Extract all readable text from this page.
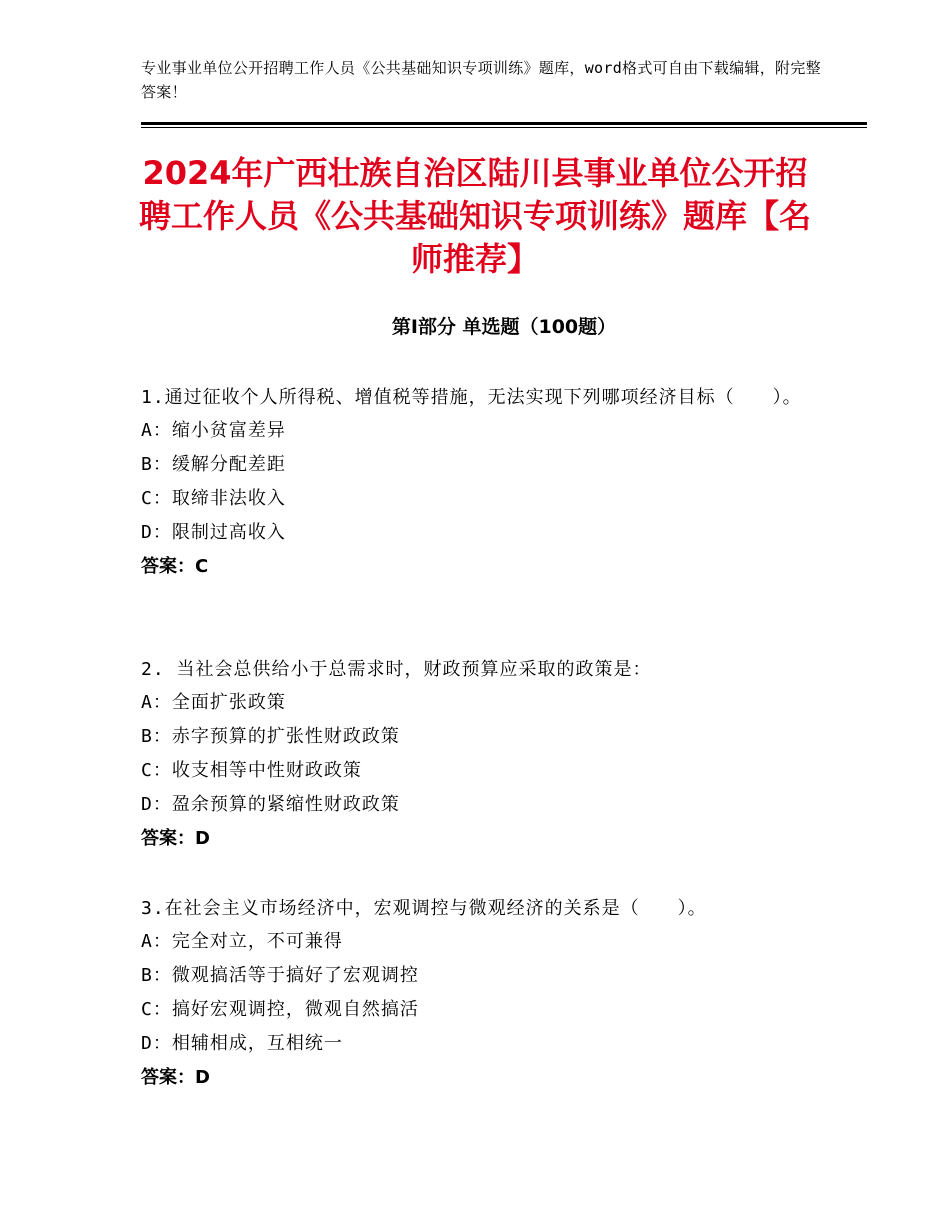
专业事业单位公开招聘工作人员《公共基础知识专项训练》题库，word格式可自由下载编辑，附完整答案！
2024年广西壮族自治区陆川县事业单位公开招聘工作人员《公共基础知识专项训练》题库【名师推荐】
第Ⅰ部分 单选题（100题）
1.通过征收个人所得税、增值税等措施，无法实现下列哪项经济目标（　　）。
A：缩小贫富差异
B：缓解分配差距
C：取缔非法收入
D：限制过高收入
答案：C
2. 当社会总供给小于总需求时，财政预算应采取的政策是：
A：全面扩张政策
B：赤字预算的扩张性财政政策
C：收支相等中性财政政策
D：盈余预算的紧缩性财政政策
答案：D
3.在社会主义市场经济中，宏观调控与微观经济的关系是（　　）。
A：完全对立，不可兼得
B：微观搞活等于搞好了宏观调控
C：搞好宏观调控，微观自然搞活
D：相辅相成，互相统一
答案：D
